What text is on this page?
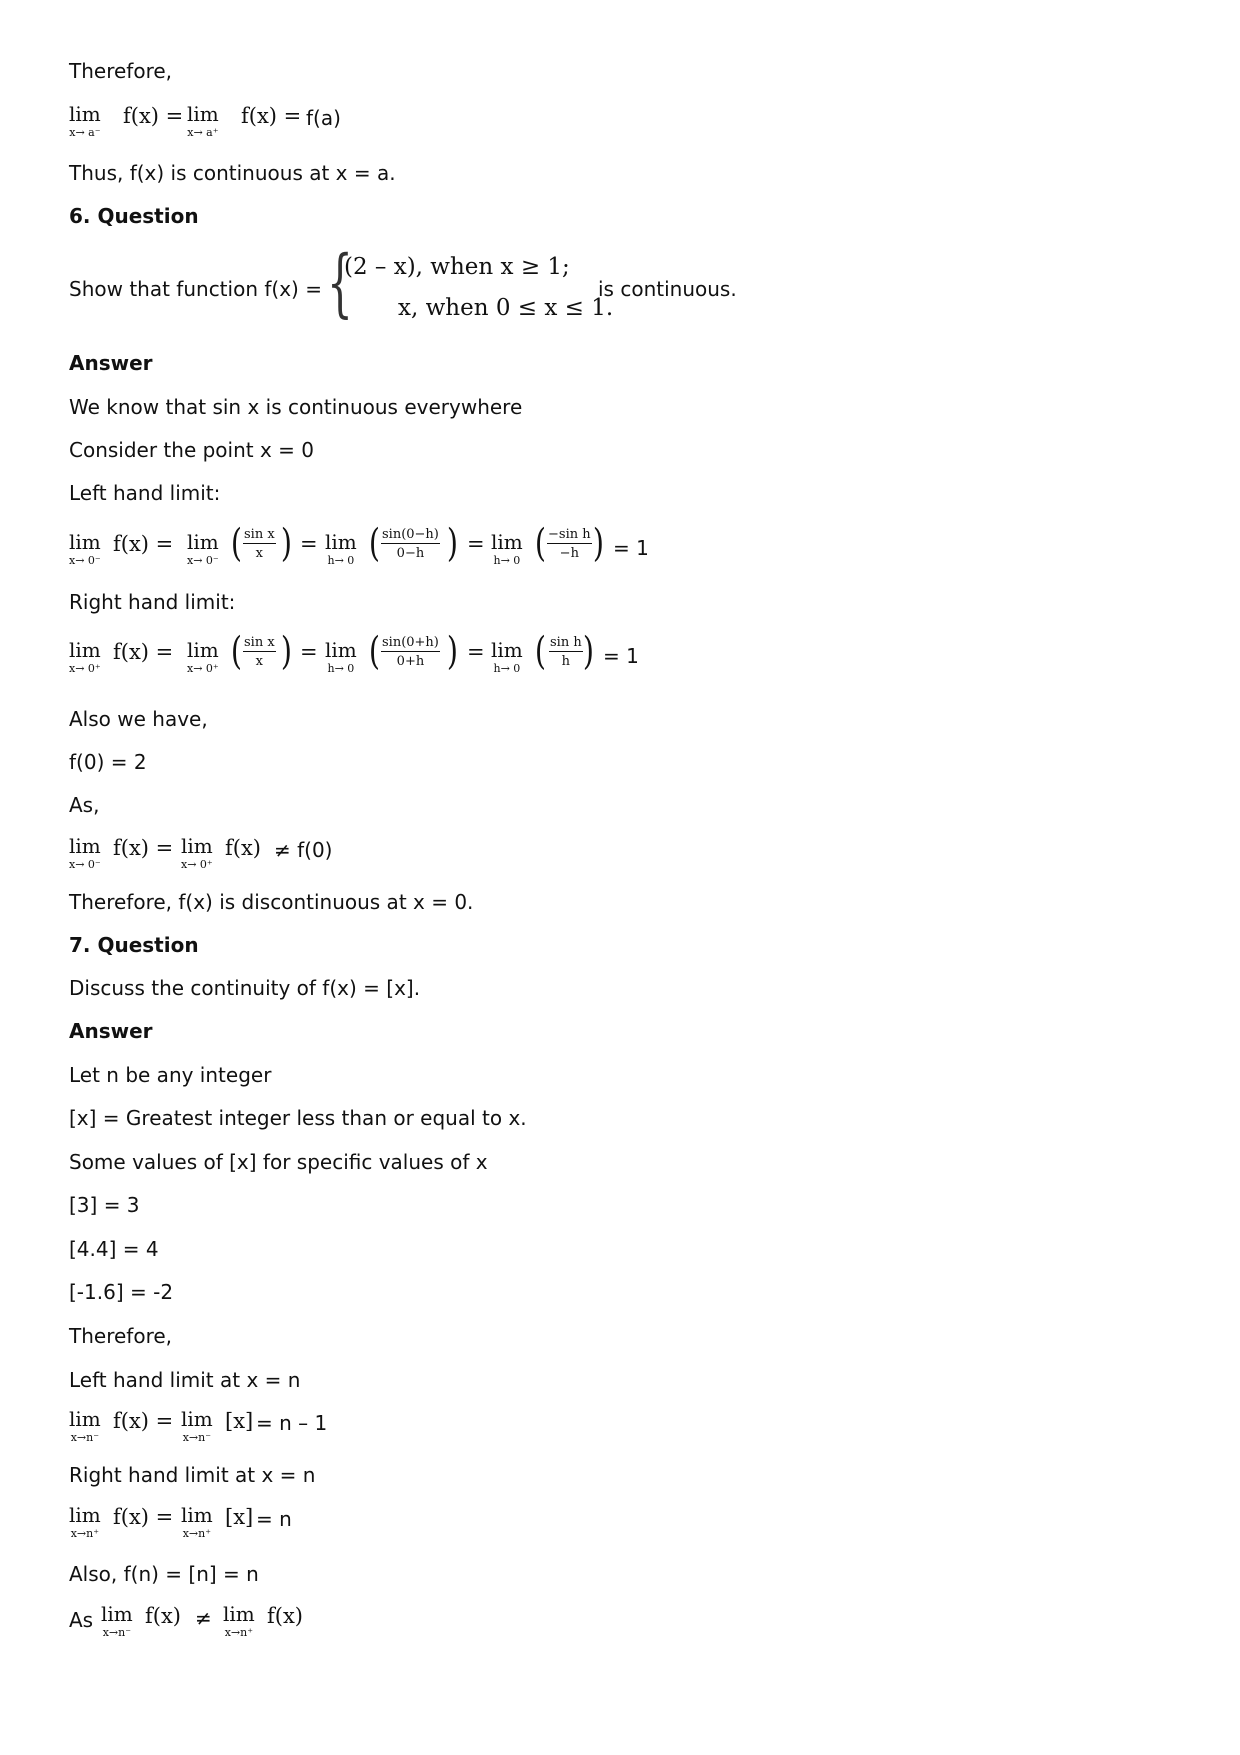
Therefore,
lim
x→ a⁻
f(x) = lim
x→ a⁺
f(x) = f(a)
Thus, f(x) is continuous at x = a.
6. Question
Show that function f(x) = {
(2 – x), when x ≥ 1;
x, when 0 ≤ x ≤ 1.
is continuous.
Answer
We know that sin x is continuous everywhere
Consider the point x = 0
Left hand limit:
lim
x→ 0⁻
f(x) = lim
x→ 0⁻ ( $\frac{\text{sin x}}{x}$ ) = lim
h→ 0 ( $\frac{\sin(0-h)}{0-h}$ ) = lim
h→ 0 ( $\frac{\text{−sin h}}{-h}$ ) = 1
Right hand limit:
lim
x→ 0⁺
f(x) = lim
x→ 0⁺ ( $\frac{\text{sin x}}{x}$ ) = lim
h→ 0 ( $\frac{\sin(0+h)}{0+h}$ ) = lim
h→ 0 ( $\frac{\text{sin h}}{h}$ ) = 1
Also we have,
f(0) = 2
As,
lim
x→ 0⁻
f(x) = lim
x→ 0⁺
f(x) ≠ f(0)
Therefore, f(x) is discontinuous at x = 0.
7. Question
Discuss the continuity of f(x) = [x].
Answer
Let n be any integer
[x] = Greatest integer less than or equal to x.
Some values of [x] for specific values of x
[3] = 3
[4.4] = 4
[-1.6] = -2
Therefore,
Left hand limit at x = n
lim
x→n⁻
f(x) = lim
x→n⁻
[x] = n – 1
Right hand limit at x = n
lim
x→n⁺
f(x) = lim
x→n⁺
[x] = n
Also, f(n) = [n] = n
As lim
x→n⁻
f(x) ≠ lim
x→n⁺
f(x)
